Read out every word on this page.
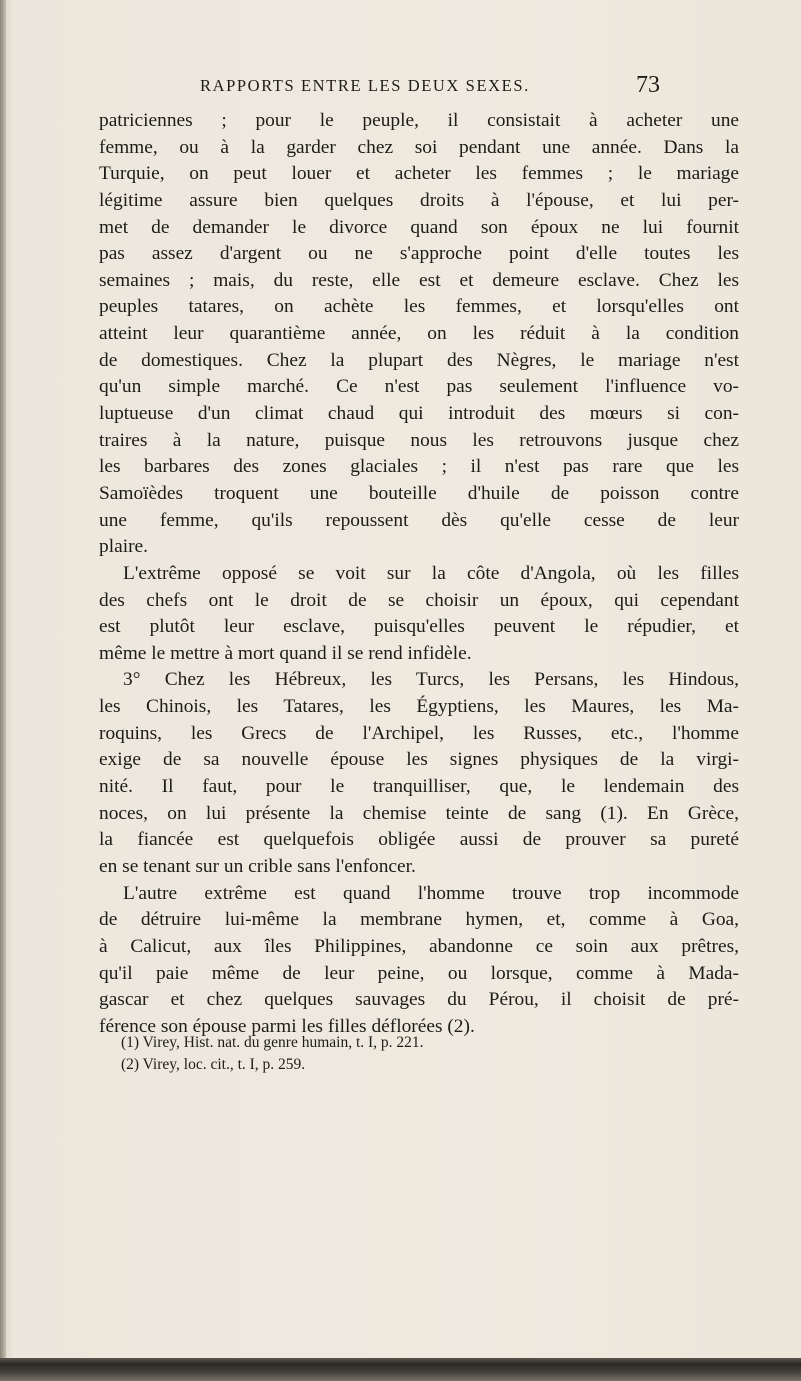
RAPPORTS ENTRE LES DEUX SEXES.	73
patriciennes ; pour le peuple, il consistait à acheter une
femme, ou à la garder chez soi pendant une année. Dans la
Turquie, on peut louer et acheter les femmes ; le mariage
légitime assure bien quelques droits à l'épouse, et lui per-
met de demander le divorce quand son époux ne lui fournit
pas assez d'argent ou ne s'approche point d'elle toutes les
semaines ; mais, du reste, elle est et demeure esclave. Chez les
peuples tatares, on achète les femmes, et lorsqu'elles ont
atteint leur quarantième année, on les réduit à la condition
de domestiques. Chez la plupart des Nègres, le mariage n'est
qu'un simple marché. Ce n'est pas seulement l'influence vo-
luptueuse d'un climat chaud qui introduit des mœurs si con-
traires à la nature, puisque nous les retrouvons jusque chez
les barbares des zones glaciales ; il n'est pas rare que les
Samoïèdes troquent une bouteille d'huile de poisson contre
une femme, qu'ils repoussent dès qu'elle cesse de leur
plaire.
L'extrême opposé se voit sur la côte d'Angola, où les filles
des chefs ont le droit de se choisir un époux, qui cependant
est plutôt leur esclave, puisqu'elles peuvent le répudier, et
même le mettre à mort quand il se rend infidèle.
3° Chez les Hébreux, les Turcs, les Persans, les Hindous,
les Chinois, les Tatares, les Égyptiens, les Maures, les Ma-
roquins, les Grecs de l'Archipel, les Russes, etc., l'homme
exige de sa nouvelle épouse les signes physiques de la virgi-
nité. Il faut, pour le tranquilliser, que, le lendemain des
noces, on lui présente la chemise teinte de sang (1). En Grèce,
la fiancée est quelquefois obligée aussi de prouver sa pureté
en se tenant sur un crible sans l'enfoncer.
L'autre extrême est quand l'homme trouve trop incommode
de détruire lui-même la membrane hymen, et, comme à Goa,
à Calicut, aux îles Philippines, abandonne ce soin aux prêtres,
qu'il paie même de leur peine, ou lorsque, comme à Mada-
gascar et chez quelques sauvages du Pérou, il choisit de pré-
férence son épouse parmi les filles déflorées (2).
(1) Virey, Hist. nat. du genre humain, t. I, p. 221.
(2) Virey, loc. cit., t. I, p. 259.
